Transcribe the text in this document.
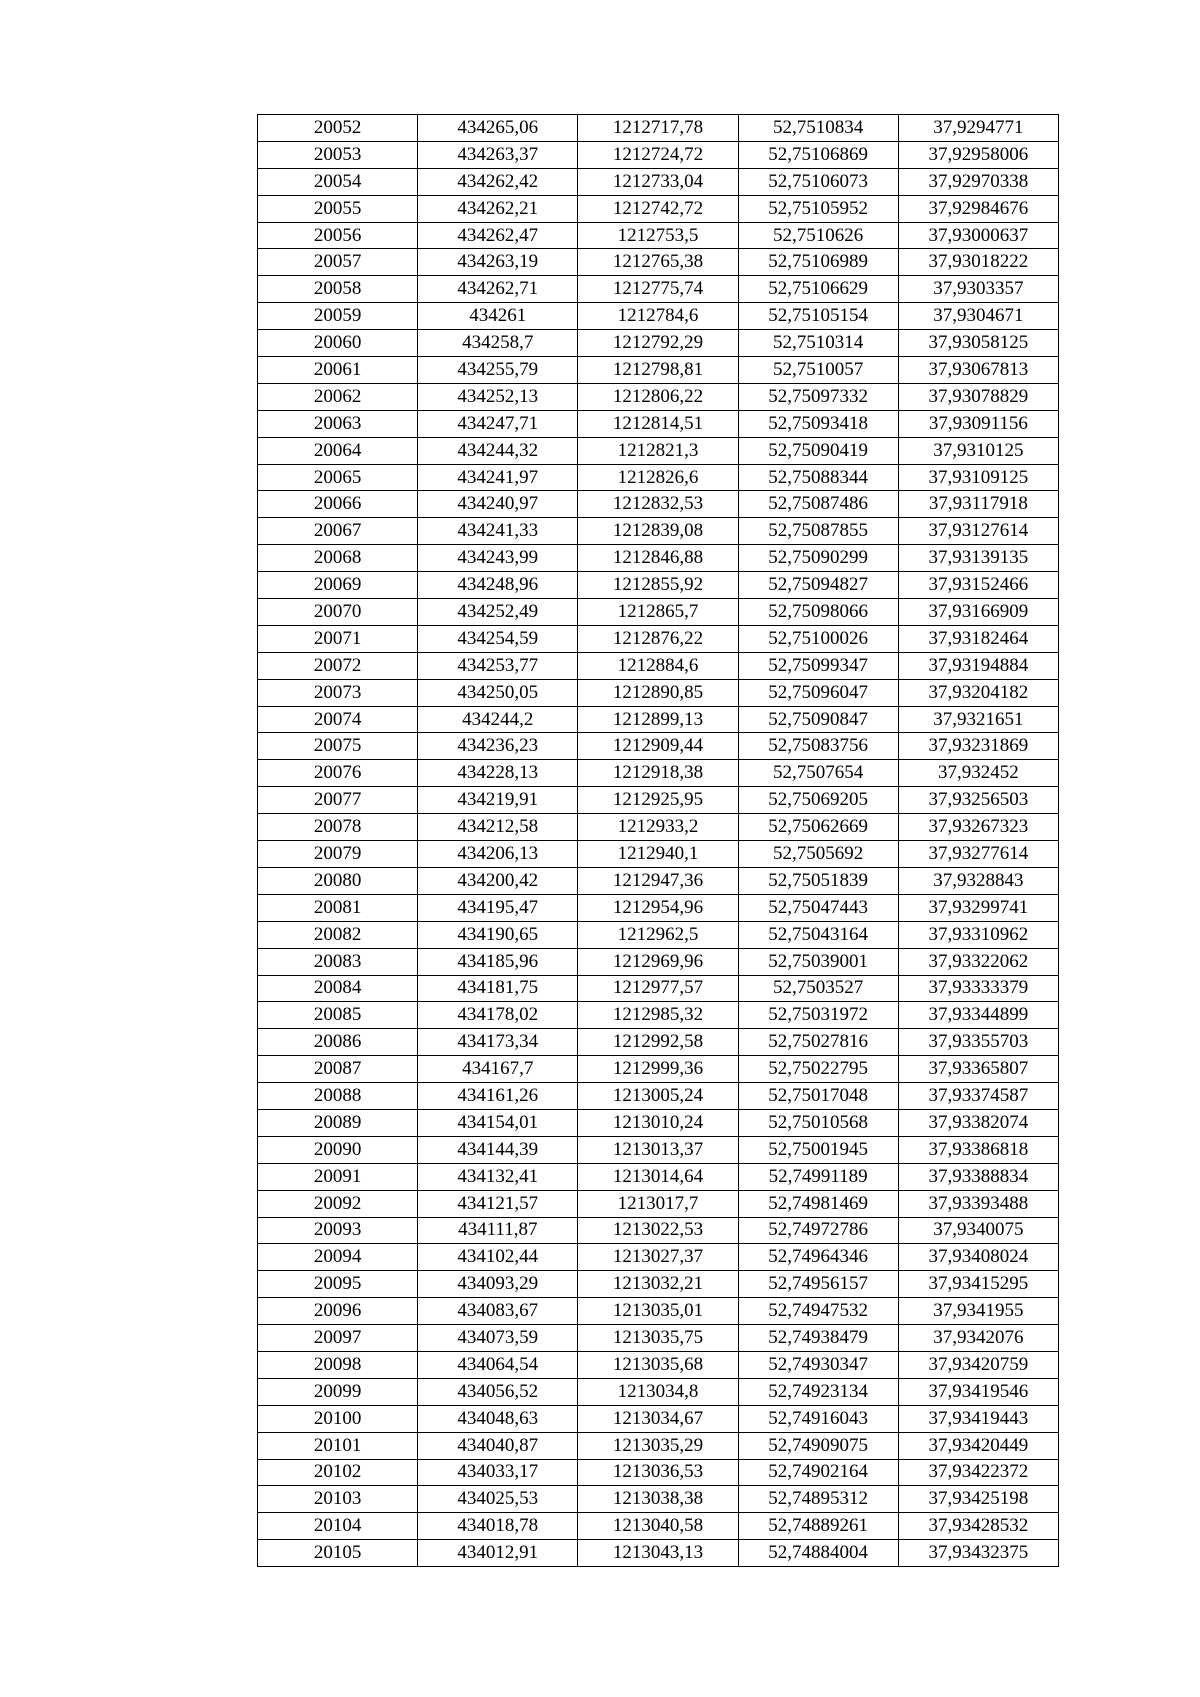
20052	434265,06	1212717,78	52,7510834	37,9294771
20053	434263,37	1212724,72	52,75106869	37,92958006
20054	434262,42	1212733,04	52,75106073	37,92970338
20055	434262,21	1212742,72	52,75105952	37,92984676
20056	434262,47	1212753,5	52,7510626	37,93000637
20057	434263,19	1212765,38	52,75106989	37,93018222
20058	434262,71	1212775,74	52,75106629	37,9303357
20059	434261	1212784,6	52,75105154	37,9304671
20060	434258,7	1212792,29	52,7510314	37,93058125
20061	434255,79	1212798,81	52,7510057	37,93067813
20062	434252,13	1212806,22	52,75097332	37,93078829
20063	434247,71	1212814,51	52,75093418	37,93091156
20064	434244,32	1212821,3	52,75090419	37,9310125
20065	434241,97	1212826,6	52,75088344	37,93109125
20066	434240,97	1212832,53	52,75087486	37,93117918
20067	434241,33	1212839,08	52,75087855	37,93127614
20068	434243,99	1212846,88	52,75090299	37,93139135
20069	434248,96	1212855,92	52,75094827	37,93152466
20070	434252,49	1212865,7	52,75098066	37,93166909
20071	434254,59	1212876,22	52,75100026	37,93182464
20072	434253,77	1212884,6	52,75099347	37,93194884
20073	434250,05	1212890,85	52,75096047	37,93204182
20074	434244,2	1212899,13	52,75090847	37,9321651
20075	434236,23	1212909,44	52,75083756	37,93231869
20076	434228,13	1212918,38	52,7507654	37,932452
20077	434219,91	1212925,95	52,75069205	37,93256503
20078	434212,58	1212933,2	52,75062669	37,93267323
20079	434206,13	1212940,1	52,7505692	37,93277614
20080	434200,42	1212947,36	52,75051839	37,9328843
20081	434195,47	1212954,96	52,75047443	37,93299741
20082	434190,65	1212962,5	52,75043164	37,93310962
20083	434185,96	1212969,96	52,75039001	37,93322062
20084	434181,75	1212977,57	52,7503527	37,93333379
20085	434178,02	1212985,32	52,75031972	37,93344899
20086	434173,34	1212992,58	52,75027816	37,93355703
20087	434167,7	1212999,36	52,75022795	37,93365807
20088	434161,26	1213005,24	52,75017048	37,93374587
20089	434154,01	1213010,24	52,75010568	37,93382074
20090	434144,39	1213013,37	52,75001945	37,93386818
20091	434132,41	1213014,64	52,74991189	37,93388834
20092	434121,57	1213017,7	52,74981469	37,93393488
20093	434111,87	1213022,53	52,74972786	37,9340075
20094	434102,44	1213027,37	52,74964346	37,93408024
20095	434093,29	1213032,21	52,74956157	37,93415295
20096	434083,67	1213035,01	52,74947532	37,9341955
20097	434073,59	1213035,75	52,74938479	37,9342076
20098	434064,54	1213035,68	52,74930347	37,93420759
20099	434056,52	1213034,8	52,74923134	37,93419546
20100	434048,63	1213034,67	52,74916043	37,93419443
20101	434040,87	1213035,29	52,74909075	37,93420449
20102	434033,17	1213036,53	52,74902164	37,93422372
20103	434025,53	1213038,38	52,74895312	37,93425198
20104	434018,78	1213040,58	52,74889261	37,93428532
20105	434012,91	1213043,13	52,74884004	37,93432375
